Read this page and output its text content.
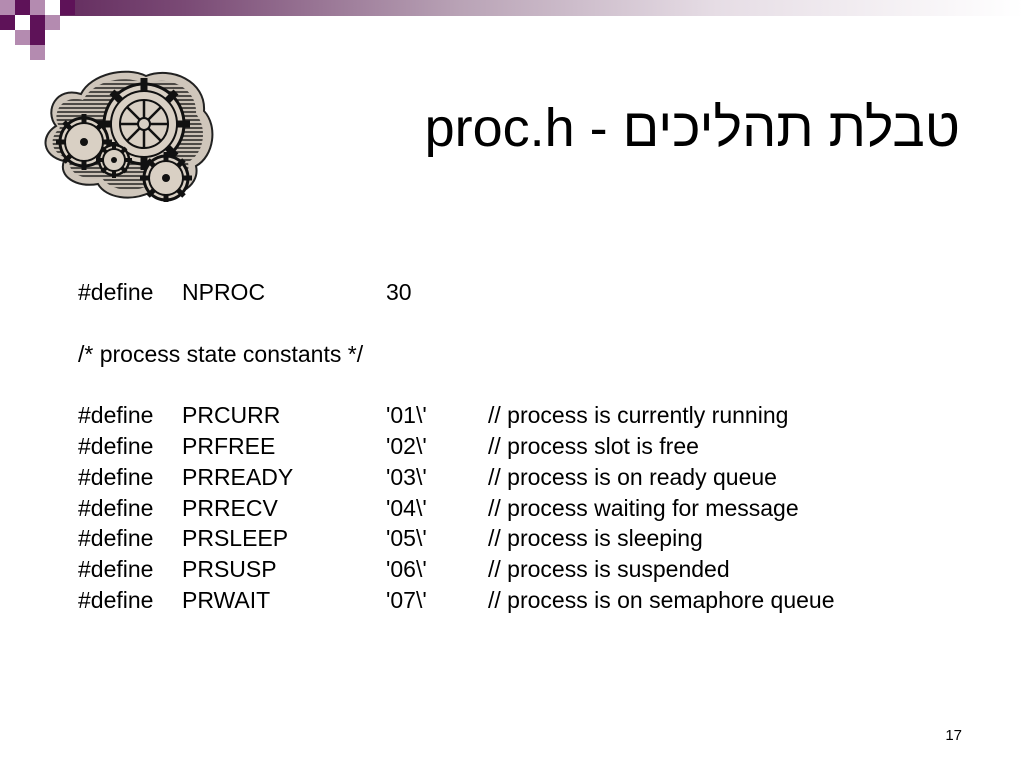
proc.h - טבלת תהליכים
#define NPROC	30
/* process state constants */
#define PRCURR	'01\'	// process is currently running
#define PRFREE	'02\'	// process slot is free
#define PRREADY	'03\'	// process is on ready queue
#define PRRECV	'04\'	// process waiting for message
#define PRSLEEP	'05\'	// process is sleeping
#define PRSUSP	'06\'	// process is suspended
#define PRWAIT	'07\'	// process is on semaphore queue
17
